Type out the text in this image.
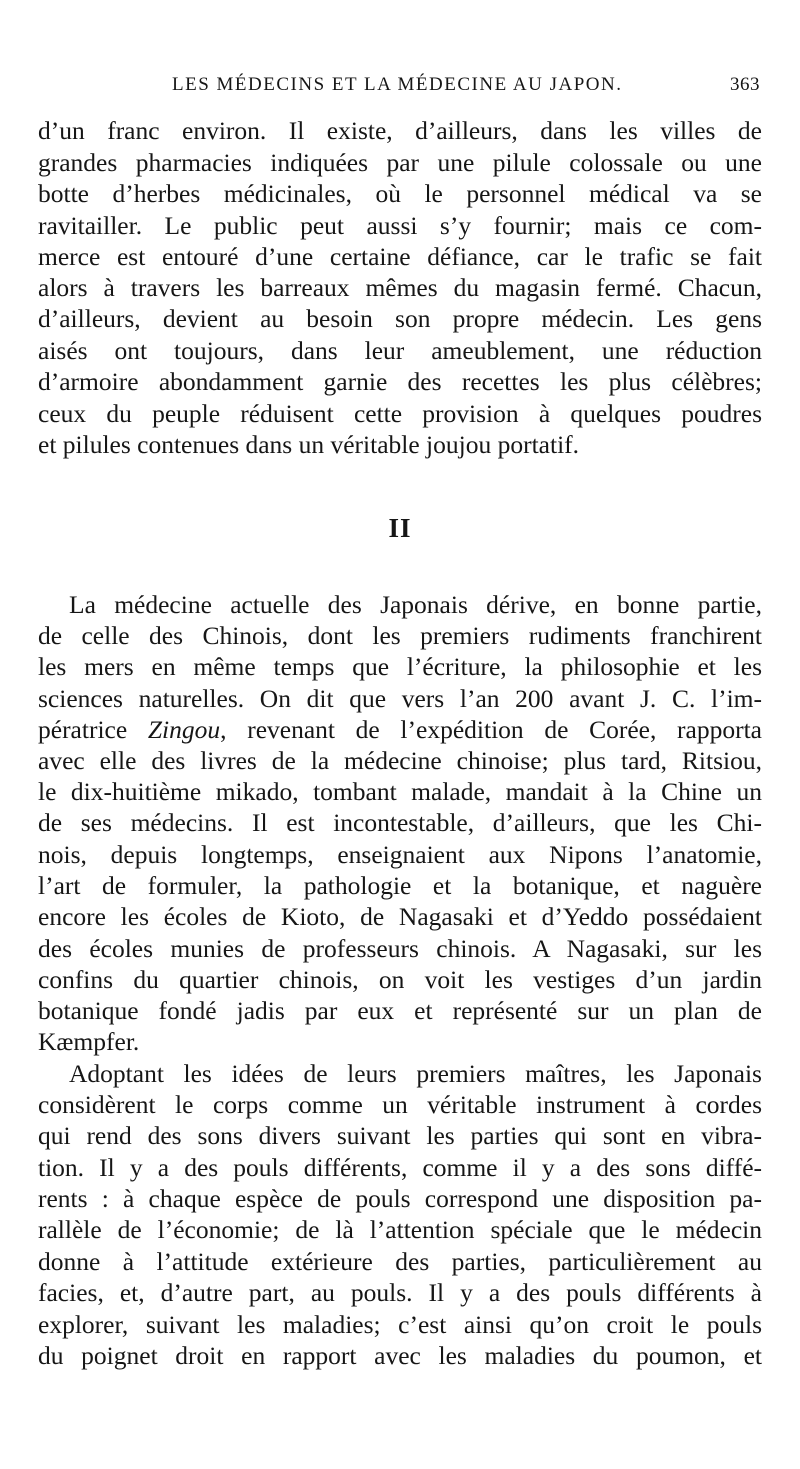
LES MÉDECINS ET LA MÉDECINE AU JAPON.	363
d’un franc environ. Il existe, d’ailleurs, dans les villes de
grandes pharmacies indiquées par une pilule colossale ou une
botte d’herbes médicinales, où le personnel médical va se
ravitailler. Le public peut aussi s’y fournir; mais ce com-
merce est entouré d’une certaine défiance, car le trafic se fait
alors à travers les barreaux mêmes du magasin fermé. Chacun,
d’ailleurs, devient au besoin son propre médecin. Les gens
aisés ont toujours, dans leur ameublement, une réduction
d’armoire abondamment garnie des recettes les plus célèbres;
ceux du peuple réduisent cette provision à quelques poudres
et pilules contenues dans un véritable joujou portatif.
II
La médecine actuelle des Japonais dérive, en bonne partie,
de celle des Chinois, dont les premiers rudiments franchirent
les mers en même temps que l’écriture, la philosophie et les
sciences naturelles. On dit que vers l’an 200 avant J. C. l’im-
pératrice Zingou, revenant de l’expédition de Corée, rapporta
avec elle des livres de la médecine chinoise; plus tard, Ritsiou,
le dix-huitième mikado, tombant malade, mandait à la Chine un
de ses médecins. Il est incontestable, d’ailleurs, que les Chi-
nois, depuis longtemps, enseignaient aux Nipons l’anatomie,
l’art de formuler, la pathologie et la botanique, et naguère
encore les écoles de Kioto, de Nagasaki et d’Yeddo possédaient
des écoles munies de professeurs chinois. A Nagasaki, sur les
confins du quartier chinois, on voit les vestiges d’un jardin
botanique fondé jadis par eux et représenté sur un plan de
Kæmpfer.
Adoptant les idées de leurs premiers maîtres, les Japonais
considèrent le corps comme un véritable instrument à cordes
qui rend des sons divers suivant les parties qui sont en vibra-
tion. Il y a des pouls différents, comme il y a des sons diffé-
rents : à chaque espèce de pouls correspond une disposition pa-
rallèle de l’économie; de là l’attention spéciale que le médecin
donne à l’attitude extérieure des parties, particulièrement au
facies, et, d’autre part, au pouls. Il y a des pouls différents à
explorer, suivant les maladies; c’est ainsi qu’on croit le pouls
du poignet droit en rapport avec les maladies du poumon, et
